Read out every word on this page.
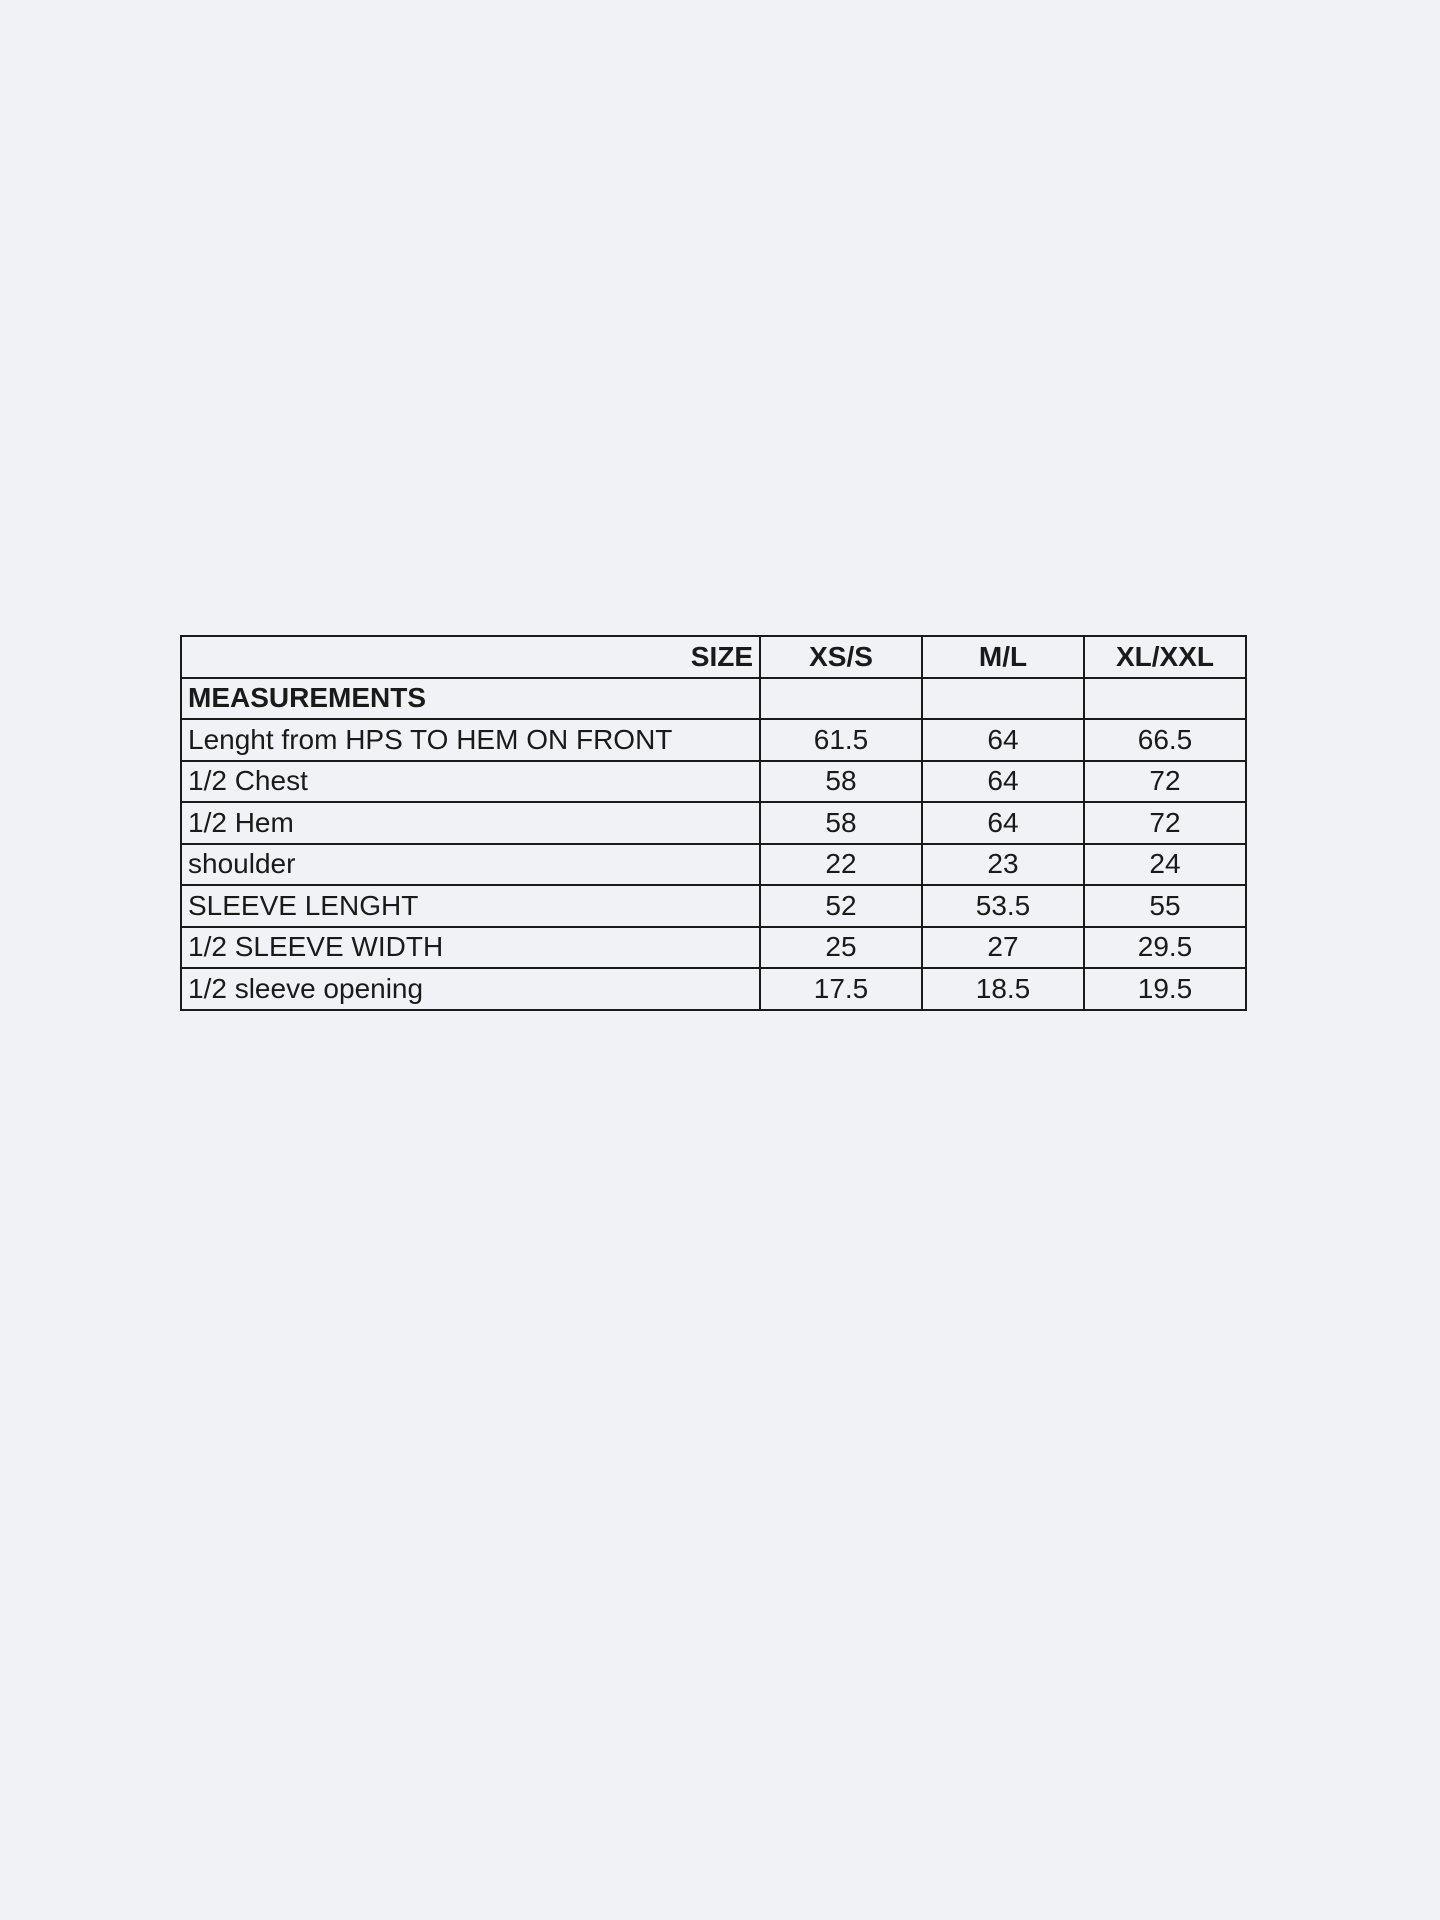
SIZE	XS/S	M/L	XL/XXL
MEASUREMENTS			
Lenght from HPS TO HEM ON FRONT	61.5	64	66.5
1/2 Chest	58	64	72
1/2 Hem	58	64	72
shoulder	22	23	24
SLEEVE LENGHT	52	53.5	55
1/2 SLEEVE WIDTH	25	27	29.5
1/2 sleeve opening	17.5	18.5	19.5
